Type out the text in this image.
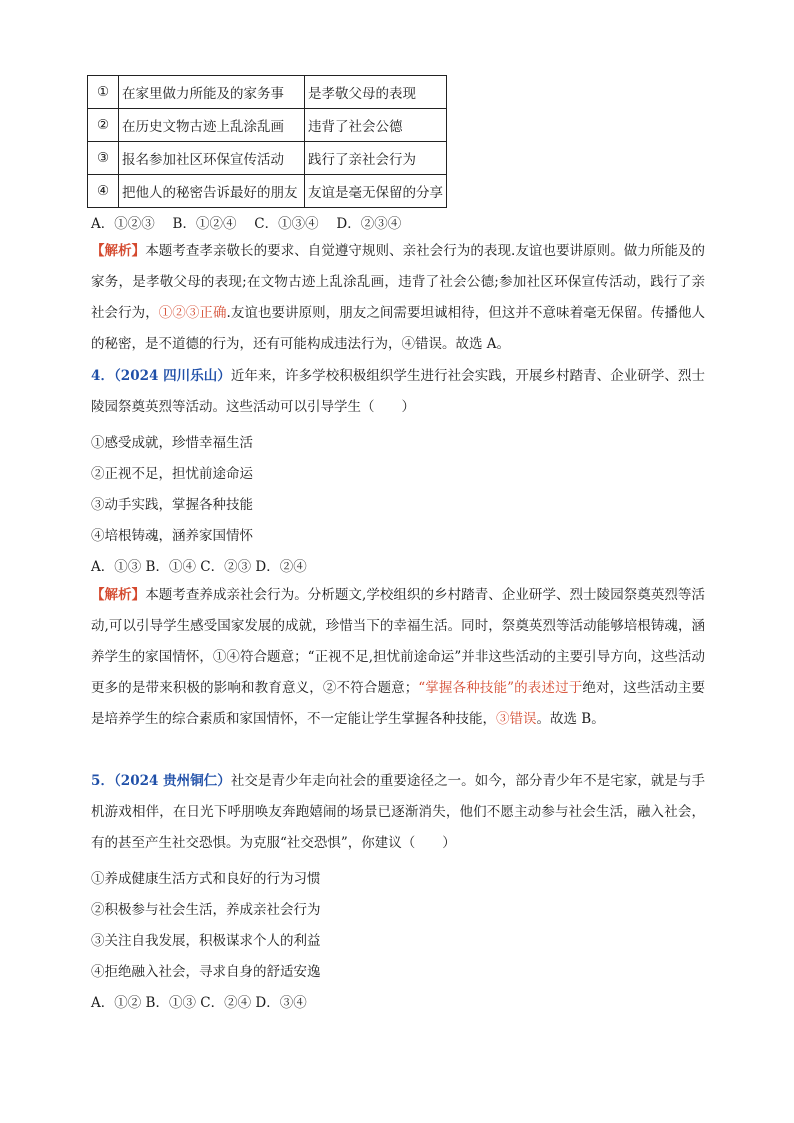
①	在家里做力所能及的家务事	是孝敬父母的表现
②	在历史文物古迹上乱涂乱画	违背了社会公德
③	报名参加社区环保宣传活动	践行了亲社会行为
④	把他人的秘密告诉最好的朋友	友谊是毫无保留的分享
A．①②③　 B．①②④　 C．①③④　 D．②③④
【解析】本题考查孝亲敬长的要求、自觉遵守规则、亲社会行为的表现.友谊也要讲原则。做力所能及的家务，是孝敬父母的表现;在文物古迹上乱涂乱画，违背了社会公德;参加社区环保宣传活动，践行了亲社会行为，①②③正确.友谊也要讲原则，朋友之间需要坦诚相待，但这并不意味着毫无保留。传播他人的秘密，是不道德的行为，还有可能构成违法行为，④错误。故选 A。
4．（2024 四川乐山）近年来，许多学校积极组织学生进行社会实践，开展乡村踏青、企业研学、烈士陵园祭奠英烈等活动。这些活动可以引导学生（　　）
①感受成就，珍惜幸福生活
②正视不足，担忧前途命运
③动手实践，掌握各种技能
④培根铸魂，涵养家国情怀
A．①③ B．①④ C．②③ D．②④
【解析】本题考查养成亲社会行为。分析题文,学校组织的乡村踏青、企业研学、烈士陵园祭奠英烈等活动,可以引导学生感受国家发展的成就，珍惜当下的幸福生活。同时，祭奠英烈等活动能够培根铸魂，涵养学生的家国情怀，①④符合题意；“正视不足,担忧前途命运”并非这些活动的主要引导方向，这些活动更多的是带来积极的影响和教育意义，②不符合题意；“掌握各种技能”的表述过于绝对，这些活动主要是培养学生的综合素质和家国情怀，不一定能让学生掌握各种技能，③错误。故选 B。
5．（2024 贵州铜仁）社交是青少年走向社会的重要途径之一。如今，部分青少年不是宅家，就是与手机游戏相伴，在日光下呼朋唤友奔跑嬉闹的场景已逐渐消失，他们不愿主动参与社会生活，融入社会，有的甚至产生社交恐惧。为克服“社交恐惧”，你建议（　　）
①养成健康生活方式和良好的行为习惯
②积极参与社会生活，养成亲社会行为
③关注自我发展，积极谋求个人的利益
④拒绝融入社会，寻求自身的舒适安逸
A．①② B．①③ C．②④ D．③④
